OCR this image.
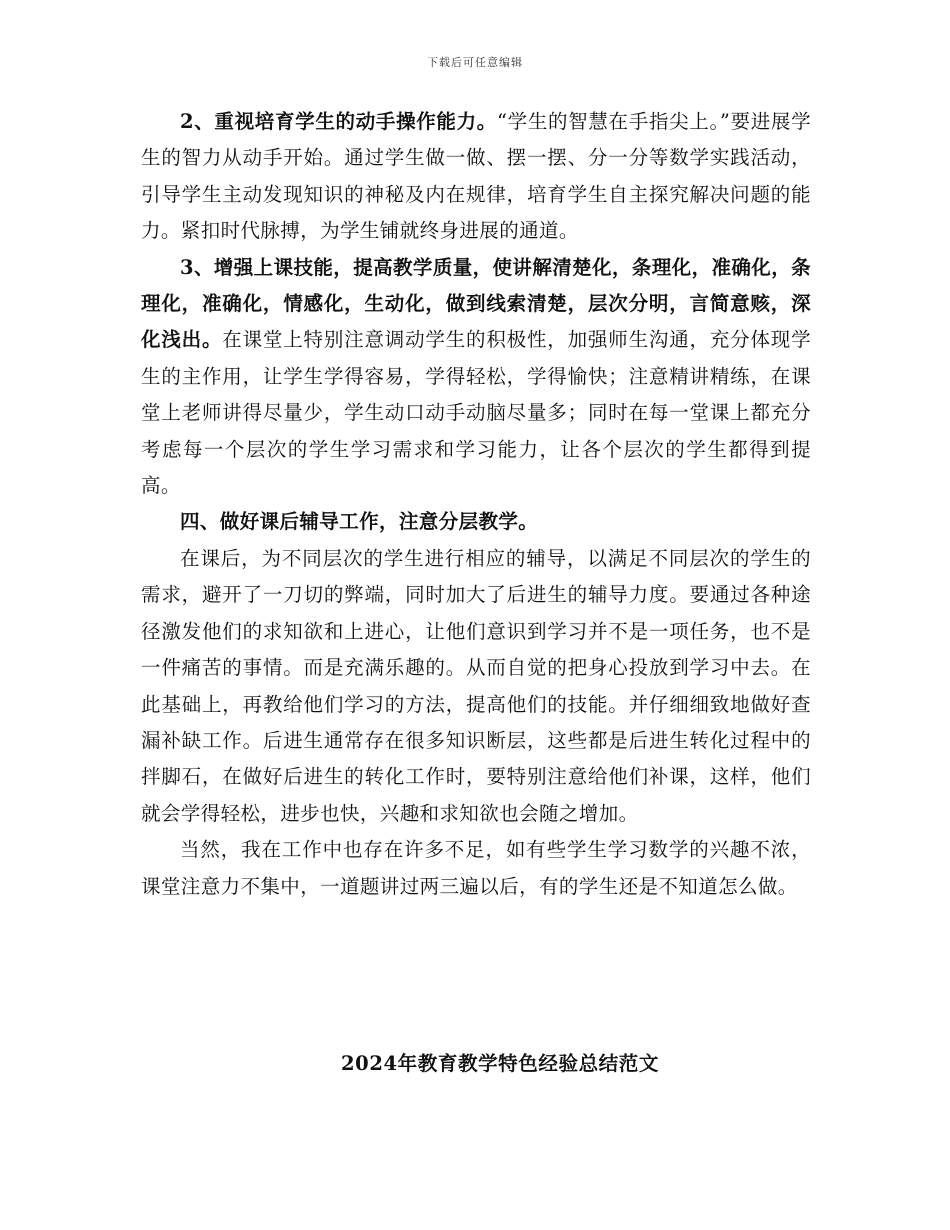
下载后可任意编辑

2、重视培育学生的动手操作能力。“学生的智慧在手指尖上。”要进展学生的智力从动手开始。通过学生做一做、摆一摆、分一分等数学实践活动，引导学生主动发现知识的神秘及内在规律，培育学生自主探究解决问题的能力。紧扣时代脉搏，为学生铺就终身进展的通道。

3、增强上课技能，提高教学质量，使讲解清楚化，条理化，准确化，条理化，准确化，情感化，生动化，做到线索清楚，层次分明，言简意赅，深化浅出。在课堂上特别注意调动学生的积极性，加强师生沟通，充分体现学生的主作用，让学生学得容易，学得轻松，学得愉快；注意精讲精练，在课堂上老师讲得尽量少，学生动口动手动脑尽量多；同时在每一堂课上都充分考虑每一个层次的学生学习需求和学习能力，让各个层次的学生都得到提高。

四、做好课后辅导工作，注意分层教学。

在课后，为不同层次的学生进行相应的辅导，以满足不同层次的学生的需求，避开了一刀切的弊端，同时加大了后进生的辅导力度。要通过各种途径激发他们的求知欲和上进心，让他们意识到学习并不是一项任务，也不是一件痛苦的事情。而是充满乐趣的。从而自觉的把身心投放到学习中去。在此基础上，再教给他们学习的方法，提高他们的技能。并仔细细致地做好查漏补缺工作。后进生通常存在很多知识断层，这些都是后进生转化过程中的拌脚石，在做好后进生的转化工作时，要特别注意给他们补课，这样，他们就会学得轻松，进步也快，兴趣和求知欲也会随之增加。

当然，我在工作中也存在许多不足，如有些学生学习数学的兴趣不浓，课堂注意力不集中，一道题讲过两三遍以后，有的学生还是不知道怎么做。

2024年教育教学特色经验总结范文
